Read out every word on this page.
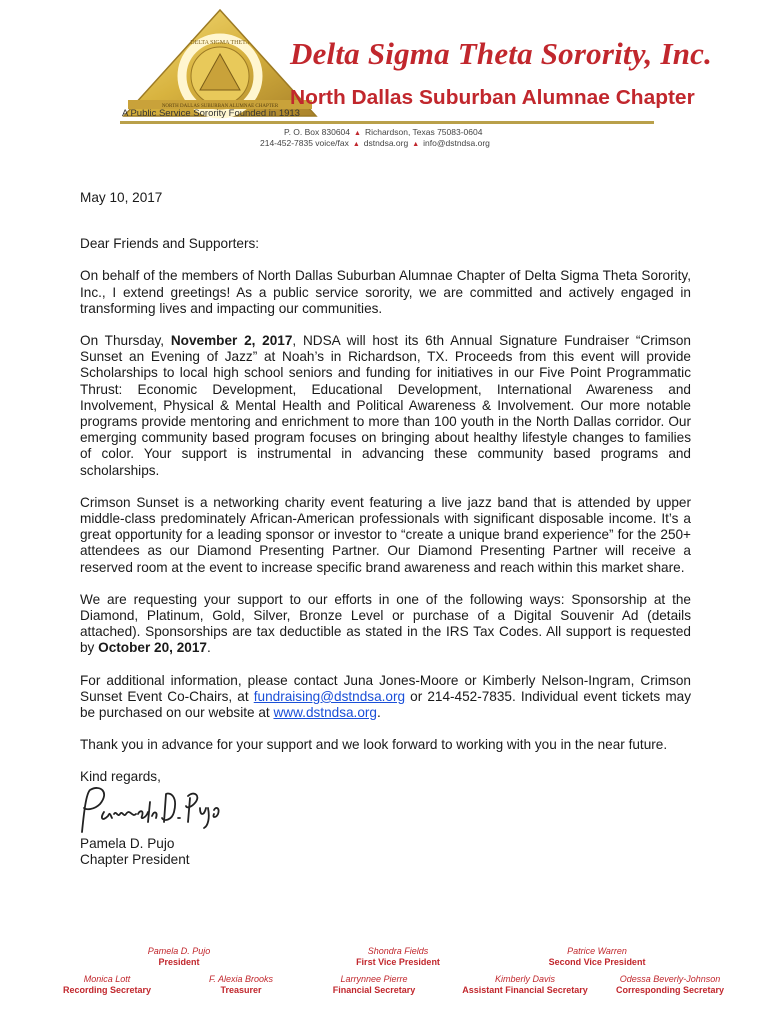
DELTA SIGMA THETA
NORTH DALLAS SUBURBAN ALUMNAE CHAPTER
Delta Sigma Theta Sorority, Inc.
North Dallas Suburban Alumnae Chapter
A Public Service Sorority Founded in 1913
P. O. Box 830604 ▲ Richardson, Texas 75083-0604
214-452-7835 voice/fax ▲ dstndsa.org ▲ info@dstndsa.org

May 10, 2017

Dear Friends and Supporters:

On behalf of the members of North Dallas Suburban Alumnae Chapter of Delta Sigma Theta Sorority, Inc., I extend greetings! As a public service sorority, we are committed and actively engaged in transforming lives and impacting our communities.

On Thursday, November 2, 2017, NDSA will host its 6th Annual Signature Fundraiser “Crimson Sunset an Evening of Jazz” at Noah’s in Richardson, TX. Proceeds from this event will provide Scholarships to local high school seniors and funding for initiatives in our Five Point Programmatic Thrust: Economic Development, Educational Development, International Awareness and Involvement, Physical & Mental Health and Political Awareness & Involvement. Our more notable programs provide mentoring and enrichment to more than 100 youth in the North Dallas corridor. Our emerging community based program focuses on bringing about healthy lifestyle changes to families of color. Your support is instrumental in advancing these community based programs and scholarships.

Crimson Sunset is a networking charity event featuring a live jazz band that is attended by upper middle-class predominately African-American professionals with significant disposable income. It’s a great opportunity for a leading sponsor or investor to “create a unique brand experience” for the 250+ attendees as our Diamond Presenting Partner. Our Diamond Presenting Partner will receive a reserved room at the event to increase specific brand awareness and reach within this market share.

We are requesting your support to our efforts in one of the following ways: Sponsorship at the Diamond, Platinum, Gold, Silver, Bronze Level or purchase of a Digital Souvenir Ad (details attached). Sponsorships are tax deductible as stated in the IRS Tax Codes. All support is requested by October 20, 2017.

For additional information, please contact Juna Jones-Moore or Kimberly Nelson-Ingram, Crimson Sunset Event Co-Chairs, at fundraising@dstndsa.org or 214-452-7835. Individual event tickets may be purchased on our website at www.dstndsa.org.

Thank you in advance for your support and we look forward to working with you in the near future.

Kind regards,

Pamela D. Pujo
Chapter President

Pamela D. Pujo
President
Shondra Fields
First Vice President
Patrice Warren
Second Vice President
Monica Lott
Recording Secretary
F. Alexia Brooks
Treasurer
Larrynnee Pierre
Financial Secretary
Kimberly Davis
Assistant Financial Secretary
Odessa Beverly-Johnson
Corresponding Secretary
